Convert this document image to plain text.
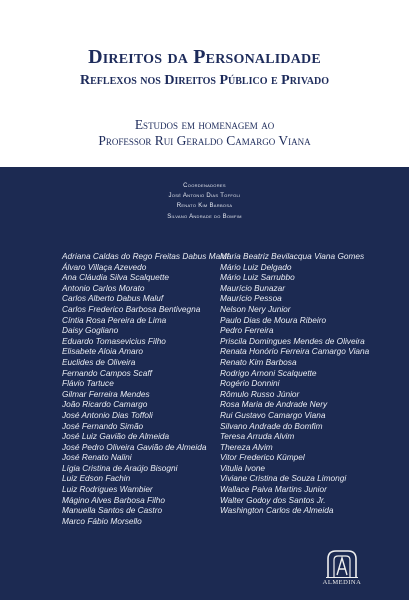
Direitos da Personalidade
Reflexos nos Direitos Público e Privado
Estudos em homenagem ao
Professor Rui Geraldo Camargo Viana
Coordenadores
José Antonio Dias Toffoli
Renato Kim Barbosa
Silvano Andrade do Bomfim
Adriana Caldas do Rego Freitas Dabus Maluf
Álvaro Villaça Azevedo
Ana Cláudia Silva Scalquette
Antonio Carlos Morato
Carlos Alberto Dabus Maluf
Carlos Frederico Barbosa Bentivegna
Cíntia Rosa Pereira de Lima
Daisy Gogliano
Eduardo Tomasevicius Filho
Elisabete Aloia Amaro
Euclides de Oliveira
Fernando Campos Scaff
Flávio Tartuce
Gilmar Ferreira Mendes
João Ricardo Camargo
José Antonio Dias Toffoli
José Fernando Simão
José Luiz Gavião de Almeida
José Pedro Oliveira Gavião de Almeida
José Renato Nalini
Lígia Cristina de Araújo Bisogni
Luiz Edson Fachin
Luiz Rodrigues Wambier
Mágino Alves Barbosa Filho
Manuella Santos de Castro
Marco Fábio Morsello
Maria Beatriz Bevilacqua Viana Gomes
Mário Luiz Delgado
Mário Luiz Sarrubbo
Maurício Bunazar
Maurício Pessoa
Nelson Nery Junior
Paulo Dias de Moura Ribeiro
Pedro Ferreira
Priscila Domingues Mendes de Oliveira
Renata Honório Ferreira Camargo Viana
Renato Kim Barbosa
Rodrigo Arnoni Scalquette
Rogério Donnini
Rômulo Russo Júnior
Rosa Maria de Andrade Nery
Rui Gustavo Camargo Viana
Silvano Andrade do Bomfim
Teresa Arruda Alvim
Thereza Alvim
Vitor Frederico Kümpel
Vitulia Ivone
Viviane Cristina de Souza Limongi
Wallace Paiva Martins Junior
Walter Godoy dos Santos Jr.
Washington Carlos de Almeida
ALMEDINA
